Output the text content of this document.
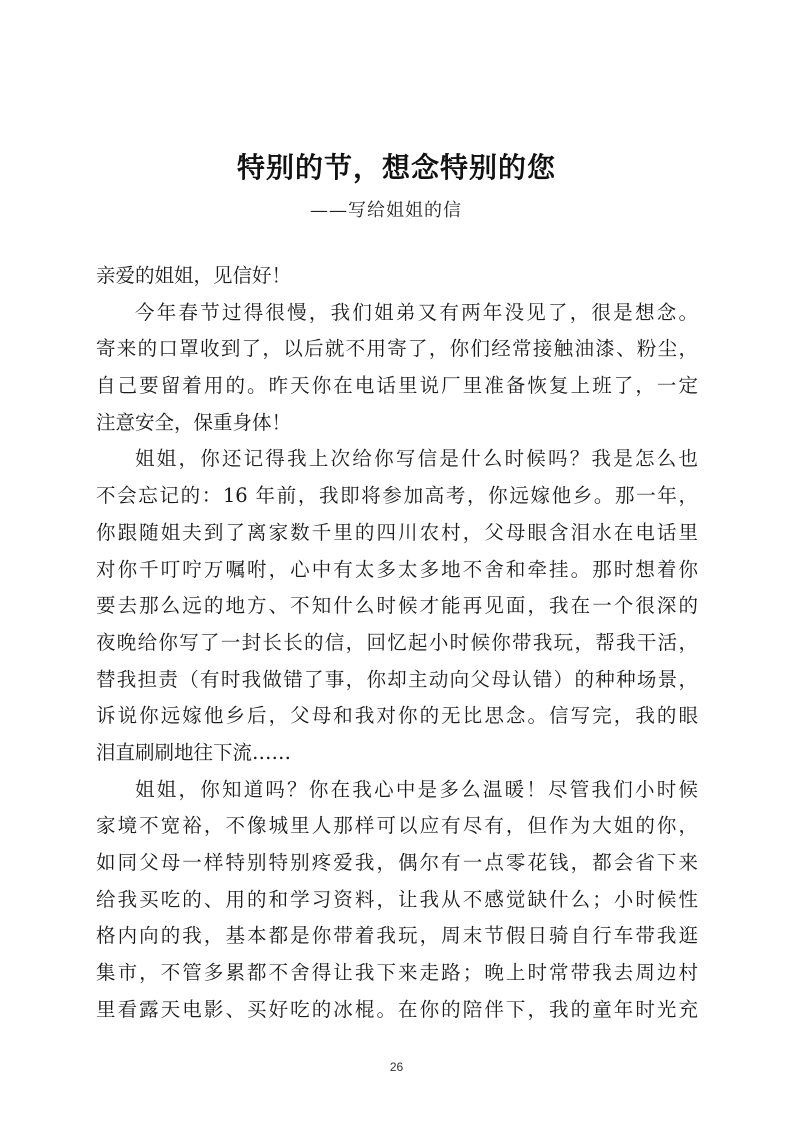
特别的节，想念特别的您
——写给姐姐的信
亲爱的姐姐，见信好！
今年春节过得很慢，我们姐弟又有两年没见了，很是想念。
寄来的口罩收到了，以后就不用寄了，你们经常接触油漆、粉尘，
自己要留着用的。昨天你在电话里说厂里准备恢复上班了，一定
注意安全，保重身体！
姐姐，你还记得我上次给你写信是什么时候吗？我是怎么也
不会忘记的：16 年前，我即将参加高考，你远嫁他乡。那一年，
你跟随姐夫到了离家数千里的四川农村，父母眼含泪水在电话里
对你千叮咛万嘱咐，心中有太多太多地不舍和牵挂。那时想着你
要去那么远的地方、不知什么时候才能再见面，我在一个很深的
夜晚给你写了一封长长的信，回忆起小时候你带我玩，帮我干活，
替我担责（有时我做错了事，你却主动向父母认错）的种种场景，
诉说你远嫁他乡后，父母和我对你的无比思念。信写完，我的眼
泪直刷刷地往下流……
姐姐，你知道吗？你在我心中是多么温暖！尽管我们小时候
家境不宽裕，不像城里人那样可以应有尽有，但作为大姐的你，
如同父母一样特别特别疼爱我，偶尔有一点零花钱，都会省下来
给我买吃的、用的和学习资料，让我从不感觉缺什么；小时候性
格内向的我，基本都是你带着我玩，周末节假日骑自行车带我逛
集市，不管多累都不舍得让我下来走路；晚上时常带我去周边村
里看露天电影、买好吃的冰棍。在你的陪伴下，我的童年时光充
26
